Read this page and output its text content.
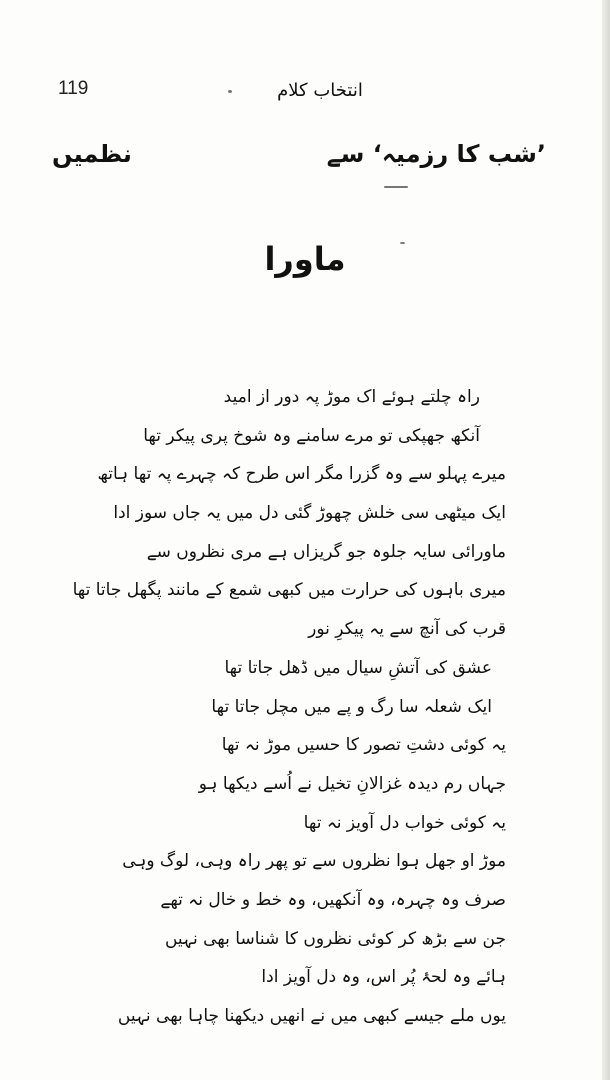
119	انتخاب کلام
نظمیں	’شب کا رزمیہ‘ سے
ماورا
راہ چلتے ہوئے اک موڑ پہ دور از امید
آنکھ جھپکی تو مرے سامنے وہ شوخ پری پیکر تھا
میرے پہلو سے وہ گزرا مگر اس طرح کہ چہرے پہ تھا ہاتھ
ایک میٹھی سی خلش چھوڑ گئی دل میں یہ جاں سوز ادا
ماورائی سایہ جلوہ جو گریزاں ہے مری نظروں سے
میری باہوں کی حرارت میں کبھی شمع کے مانند پگھل جاتا تھا
قرب کی آنچ سے یہ پیکرِ نور
عشق کی آتشِ سیال میں ڈھل جاتا تھا
ایک شعلہ سا رگ و پے میں مچل جاتا تھا
یہ کوئی دشتِ تصور کا حسیں موڑ نہ تھا
جہاں رم دیدہ غزالانِ تخیل نے اُسے دیکھا ہو
یہ کوئی خواب دل آویز نہ تھا
موڑ او جھل ہوا نظروں سے تو پھر راہ وہی، لوگ وہی
صرف وہ چہرہ، وہ آنکھیں، وہ خط و خال نہ تھے
جن سے بڑھ کر کوئی نظروں کا شناسا بھی نہیں
ہائے وہ لحۂ پُر اس، وہ دل آویز ادا
یوں ملے جیسے کبھی میں نے انھیں دیکھنا چاہا بھی نہیں
